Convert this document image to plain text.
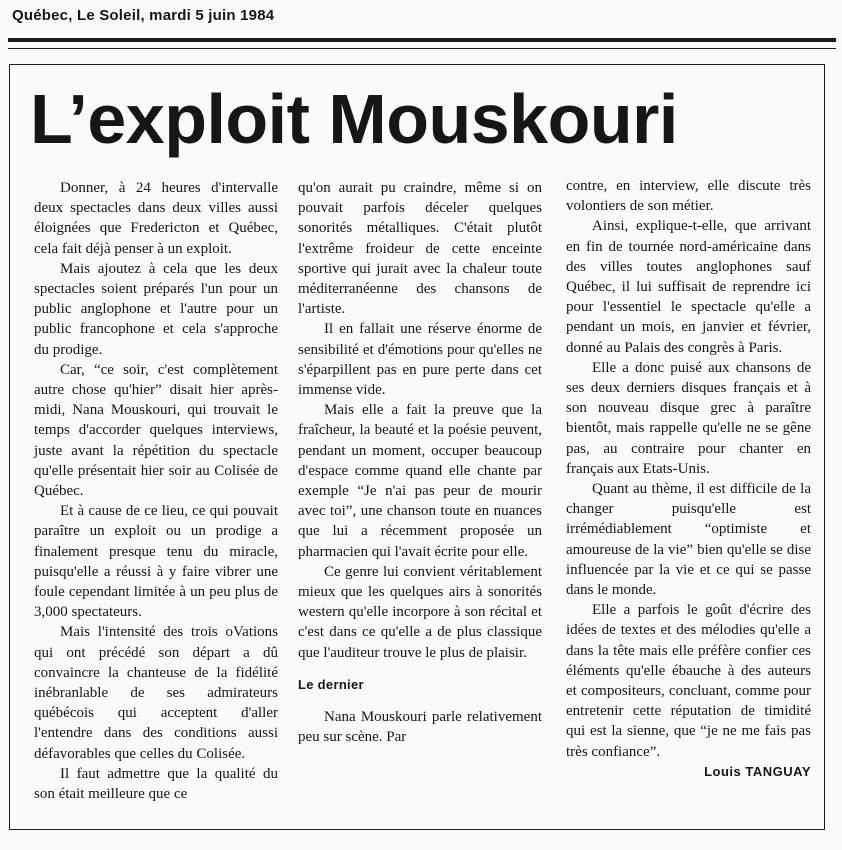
Québec, Le Soleil, mardi 5 juin 1984
L’exploit Mouskouri

Donner, à 24 heures d'intervalle deux spectacles dans deux villes aussi éloignées que Fredericton et Québec, cela fait déjà penser à un exploit.

Mais ajoutez à cela que les deux spectacles soient préparés l'un pour un public anglophone et l'autre pour un public francophone et cela s'approche du prodige.

Car, “ce soir, c'est complètement autre chose qu'hier” disait hier après-midi, Nana Mouskouri, qui trouvait le temps d'accorder quelques interviews, juste avant la répétition du spectacle qu'elle présentait hier soir au Colisée de Québec.

Et à cause de ce lieu, ce qui pouvait paraître un exploit ou un prodige a finalement presque tenu du miracle, puisqu'elle a réussi à y faire vibrer une foule cependant limitée à un peu plus de 3,000 spectateurs.

Mais l'intensité des trois oVations qui ont précédé son départ a dû convaincre la chanteuse de la fidélité inébranlable de ses admirateurs québécois qui acceptent d'aller l'entendre dans des conditions aussi défavorables que celles du Colisée.

Il faut admettre que la qualité du son était meilleure que ce

qu'on aurait pu craindre, même si on pouvait parfois déceler quelques sonorités métalliques. C'était plutôt l'extrême froideur de cette enceinte sportive qui jurait avec la chaleur toute méditerranéenne des chansons de l'artiste.

Il en fallait une réserve énorme de sensibilité et d'émotions pour qu'elles ne s'éparpillent pas en pure perte dans cet immense vide.

Mais elle a fait la preuve que la fraîcheur, la beauté et la poésie peuvent, pendant un moment, occuper beaucoup d'espace comme quand elle chante par exemple “Je n'ai pas peur de mourir avec toi”, une chanson toute en nuances que lui a récemment proposée un pharmacien qui l'avait écrite pour elle.

Ce genre lui convient véritablement mieux que les quelques airs à sonorités western qu'elle incorpore à son récital et c'est dans ce qu'elle a de plus classique que l'auditeur trouve le plus de plaisir.

Le dernier

Nana Mouskouri parle relativement peu sur scène. Par

contre, en interview, elle discute très volontiers de son métier.

Ainsi, explique-t-elle, que arrivant en fin de tournée nord-américaine dans des villes toutes anglophones sauf Québec, il lui suffisait de reprendre ici pour l'essentiel le spectacle qu'elle a pendant un mois, en janvier et février, donné au Palais des congrès à Paris.

Elle a donc puisé aux chansons de ses deux derniers disques français et à son nouveau disque grec à paraître bientôt, mais rappelle qu'elle ne se gêne pas, au contraire pour chanter en français aux Etats-Unis.

Quant au thème, il est difficile de la changer puisqu'elle est irrémédiablement “optimiste et amoureuse de la vie” bien qu'elle se dise influencée par la vie et ce qui se passe dans le monde.

Elle a parfois le goût d'écrire des idées de textes et des mélodies qu'elle a dans la tête mais elle préfère confier ces éléments qu'elle ébauche à des auteurs et compositeurs, concluant, comme pour entretenir cette réputation de timidité qui est la sienne, que “je ne me fais pas très confiance”.

Louis TANGUAY
